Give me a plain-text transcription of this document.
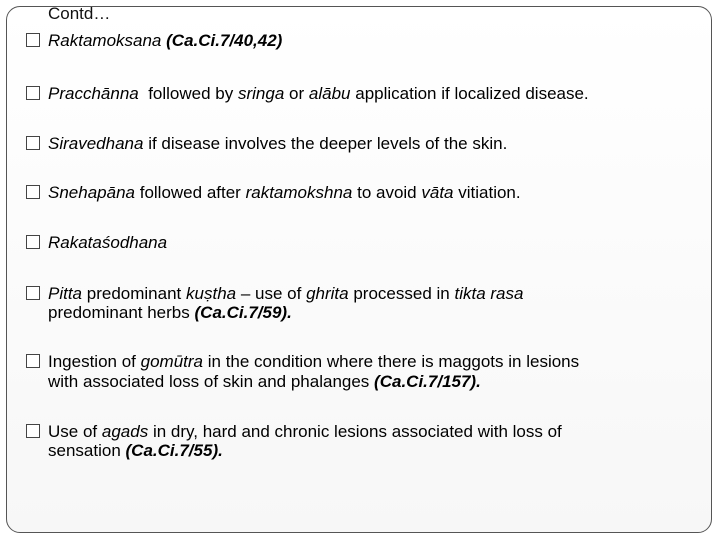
Contd…
Raktamoksana (Ca.Ci.7/40,42)
Pracchānna followed by sringa or alābu application if localized disease.
Siravedhana if disease involves the deeper levels of the skin.
Snehapāna followed after raktamokshna to avoid vāta vitiation.
Rakataśodhana
Pitta predominant kuṣtha – use of ghrita processed in tikta rasa
predominant herbs (Ca.Ci.7/59).
Ingestion of gomūtra in the condition where there is maggots in lesions
with associated loss of skin and phalanges (Ca.Ci.7/157).
Use of agads in dry, hard and chronic lesions associated with loss of
sensation (Ca.Ci.7/55).
